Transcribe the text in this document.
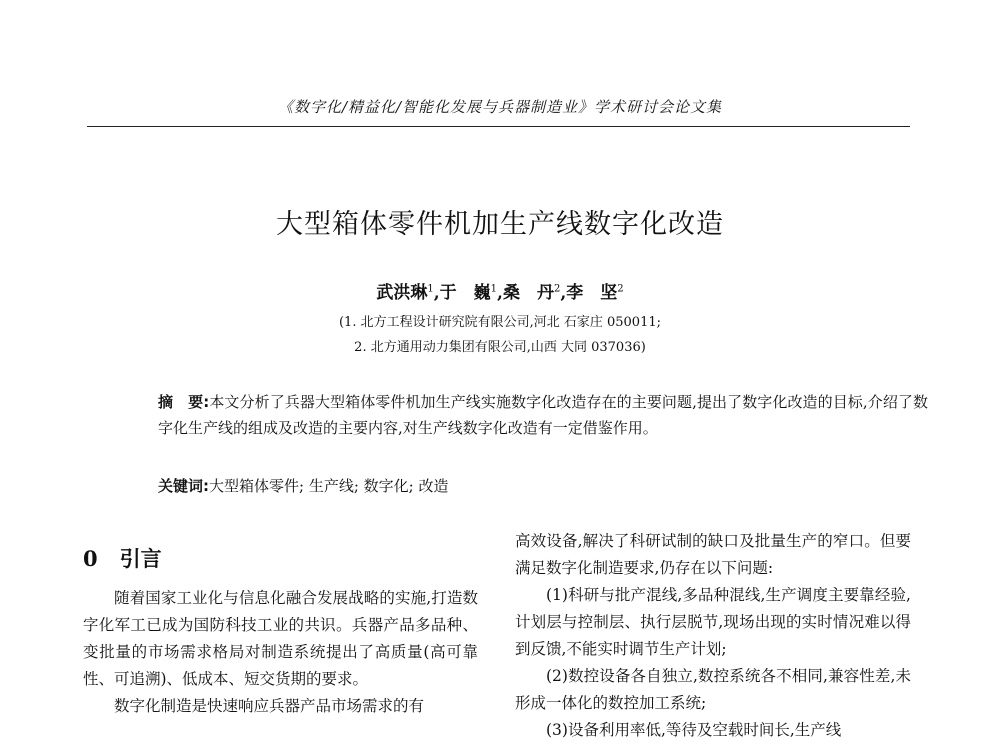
《数字化/精益化/智能化发展与兵器制造业》学术研讨会论文集
大型箱体零件机加生产线数字化改造
武洪琳$^1$,于　巍$^1$,桑　丹$^2$,李　坚$^2$
(1. 北方工程设计研究院有限公司,河北 石家庄 050011;
2. 北方通用动力集团有限公司,山西 大同 037036)
摘　要:本文分析了兵器大型箱体零件机加生产线实施数字化改造存在的主要问题,提出了数字化改造的目标,介绍了数字化生产线的组成及改造的主要内容,对生产线数字化改造有一定借鉴作用。
关键词:大型箱体零件; 生产线; 数字化; 改造
0 引言

随着国家工业化与信息化融合发展战略的实施,打造数字化军工已成为国防科技工业的共识。兵器产品多品种、变批量的市场需求格局对制造系统提出了高质量(高可靠性、可追溯)、低成本、短交货期的要求。

数字化制造是快速响应兵器产品市场需求的有

高效设备,解决了科研试制的缺口及批量生产的窄口。但要满足数字化制造要求,仍存在以下问题:

(1)科研与批产混线,多品种混线,生产调度主要靠经验,计划层与控制层、执行层脱节,现场出现的实时情况难以得到反馈,不能实时调节生产计划;

(2)数控设备各自独立,数控系统各不相同,兼容性差,未形成一体化的数控加工系统;

(3)设备利用率低,等待及空载时间长,生产线
